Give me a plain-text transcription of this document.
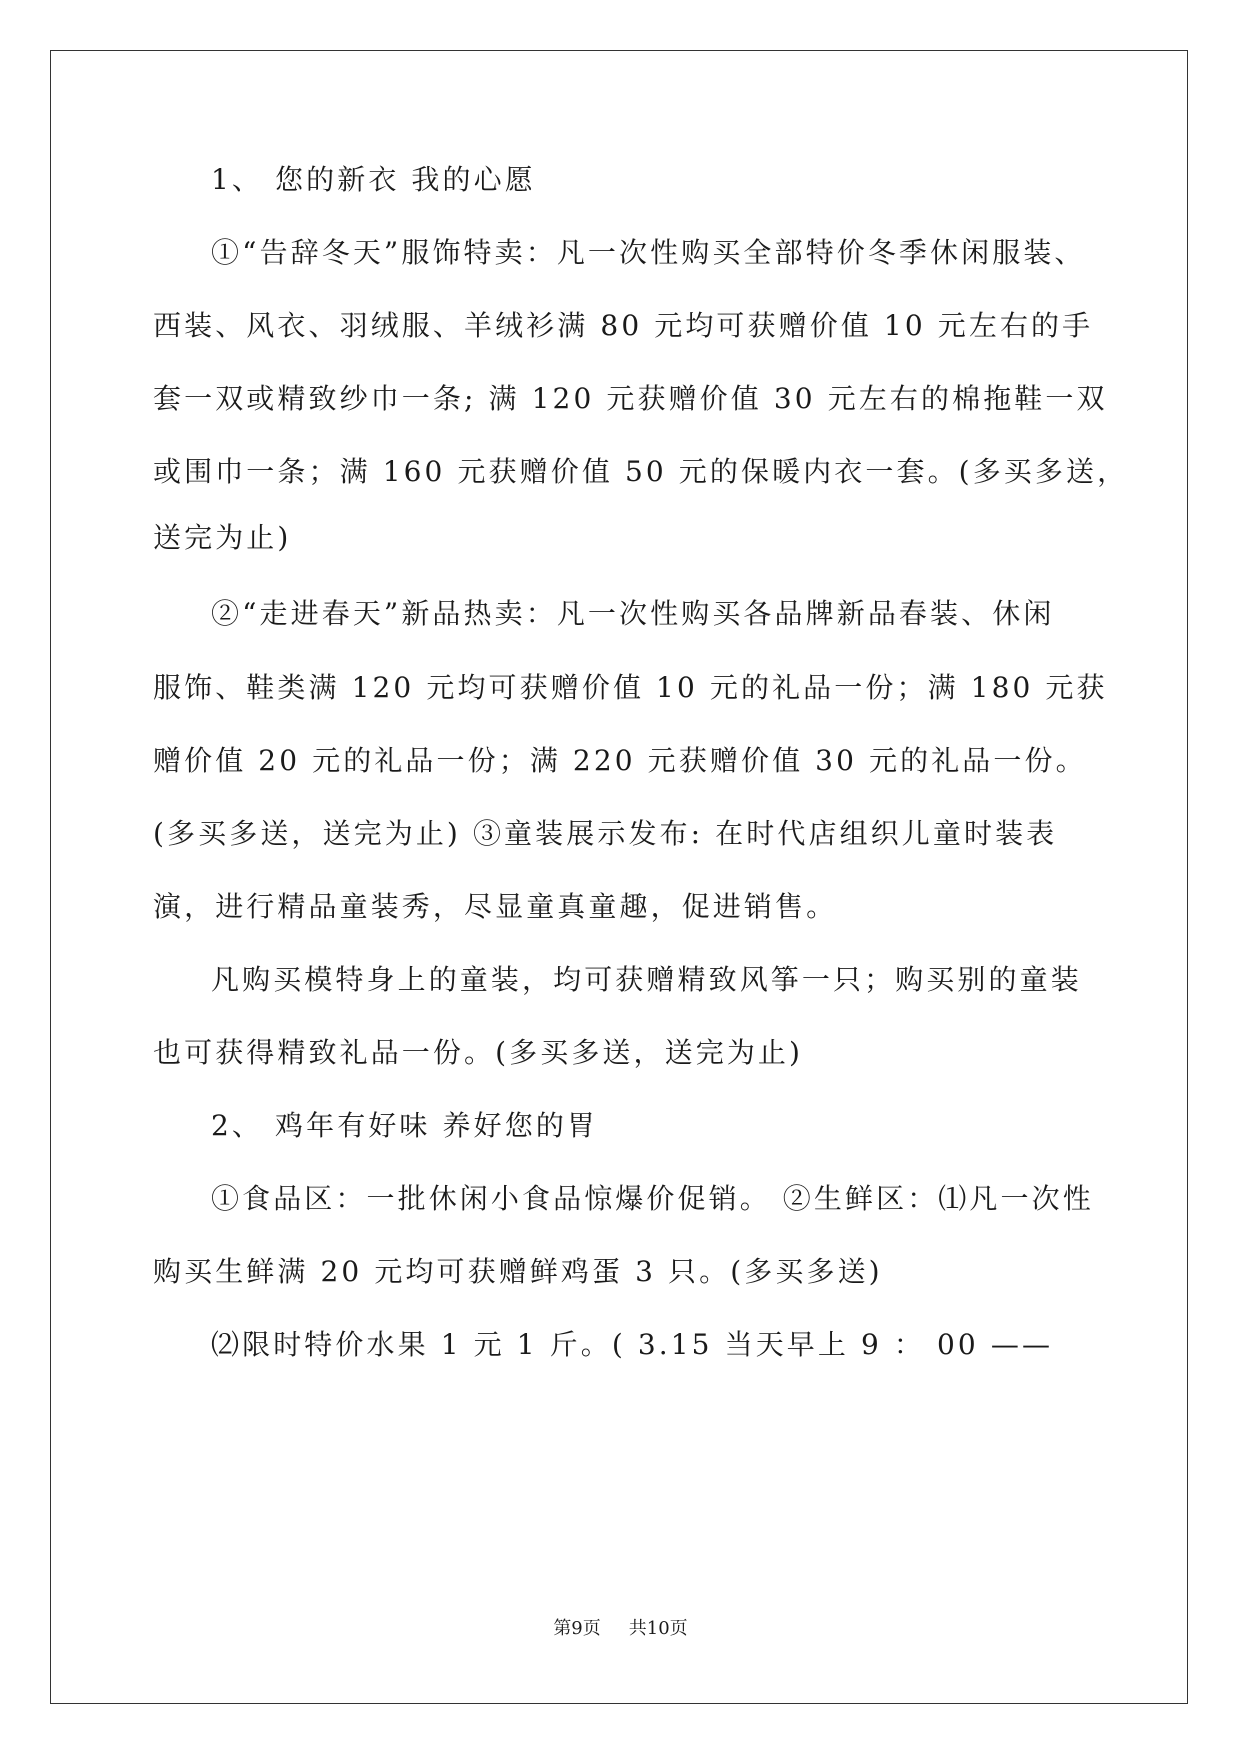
1、 您的新衣 我的心愿
①“告辞冬天”服饰特卖：凡一次性购买全部特价冬季休闲服装、
西装、风衣、羽绒服、羊绒衫满 80 元均可获赠价值 10 元左右的手
套一双或精致纱巾一条; 满 120 元获赠价值 30 元左右的棉拖鞋一双
或围巾一条；满 160 元获赠价值 50 元的保暖内衣一套。(多买多送，
送完为止)
②“走进春天”新品热卖：凡一次性购买各品牌新品春装、休闲
服饰、鞋类满 120 元均可获赠价值 10 元的礼品一份；满 180 元获
赠价值 20 元的礼品一份；满 220 元获赠价值 30 元的礼品一份。
(多买多送，送完为止) ③童装展示发布: 在时代店组织儿童时装表
演，进行精品童装秀，尽显童真童趣，促进销售。
凡购买模特身上的童装，均可获赠精致风筝一只；购买别的童装
也可获得精致礼品一份。(多买多送，送完为止)
2、 鸡年有好味 养好您的胃
①食品区：一批休闲小食品惊爆价促销。 ②生鲜区：⑴凡一次性
购买生鲜满 20 元均可获赠鲜鸡蛋 3 只。(多买多送)
⑵限时特价水果 1 元 1 斤。( 3.15 当天早上 9 ： 00 ——
第9页 共10页
